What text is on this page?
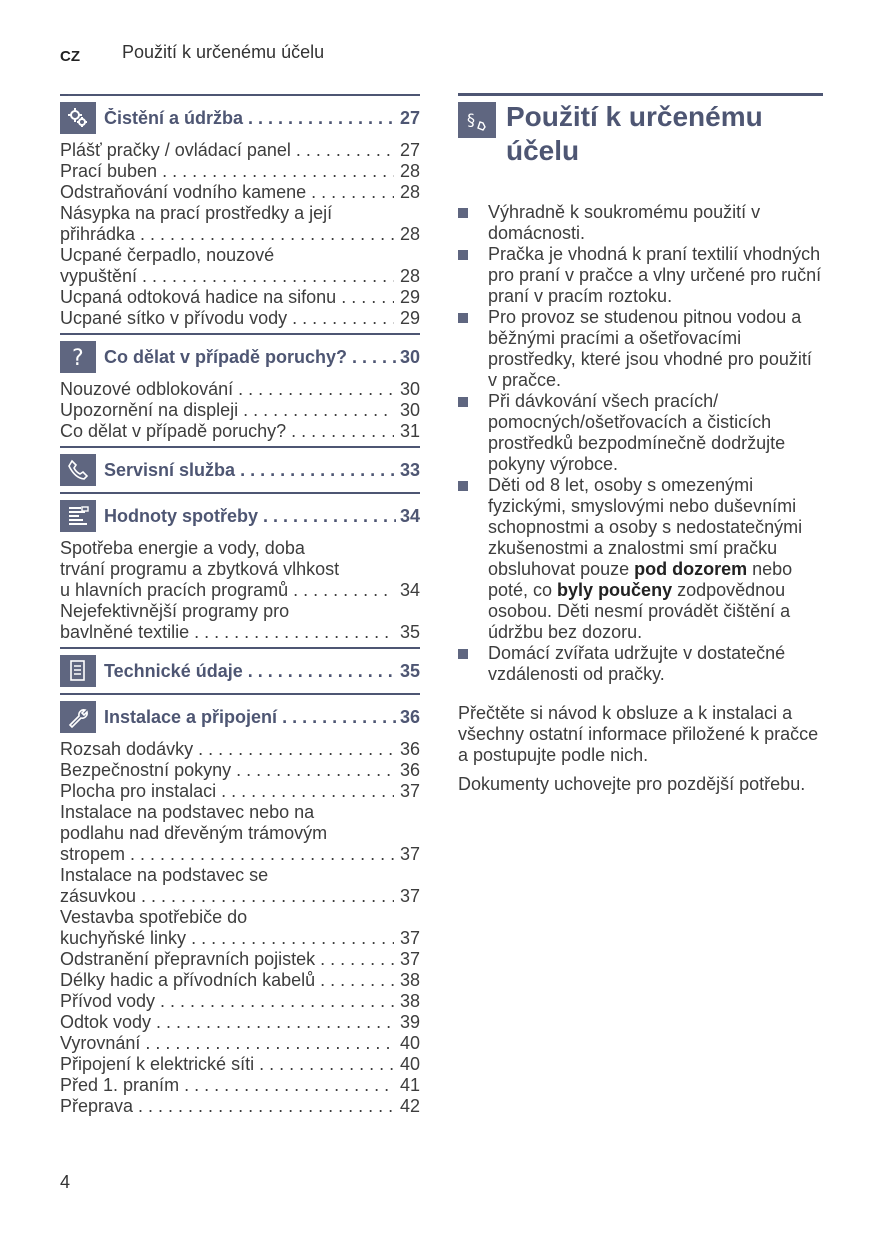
CZ Použití k určenému účelu
Čistění a údržba . . .	27
Plášť pračky / ovládací panel . . .	27
Prací buben . . .	28
Odstraňování vodního kamene . . .	28
Násypka na prací prostředky a její
přihrádka . . .	28
Ucpané čerpadlo, nouzové
vypuštění . . .	28
Ucpaná odtoková hadice na sifonu . . .	29
Ucpané sítko v přívodu vody . . .	29
? Co dělat v případě poruchy? . . .	30
Nouzové odblokování . . .	30
Upozornění na displeji . . .	30
Co dělat v případě poruchy? . . .	31
Servisní služba . . .	33
Hodnoty spotřeby . . .	34
Spotřeba energie a vody, doba
trvání programu a zbytková vlhkost
u hlavních pracích programů . . .	34
Nejefektivnější programy pro
bavlněné textilie . . .	35
Technické údaje . . .	35
Instalace a připojení . . .	36
Rozsah dodávky . . .	36
Bezpečnostní pokyny . . .	36
Plocha pro instalaci . . .	37
Instalace na podstavec nebo na
podlahu nad dřevěným trámovým
stropem . . .	37
Instalace na podstavec se
zásuvkou . . .	37
Vestavba spotřebiče do
kuchyňské linky . . .	37
Odstranění přepravních pojistek . . .	37
Délky hadic a přívodních kabelů . . .	38
Přívod vody . . .	38
Odtok vody . . .	39
Vyrovnání . . .	40
Připojení k elektrické síti . . .	40
Před 1. praním . . .	41
Přeprava . . .	42
§ Použití k určenému
účelu
Výhradně k soukromému použití v domácnosti.
Pračka je vhodná k praní textilií vhodných pro praní v pračce a vlny určené pro ruční praní v pracím roztoku.
Pro provoz se studenou pitnou vodou a běžnými pracími a ošetřovacími prostředky, které jsou vhodné pro použití v pračce.
Při dávkování všech pracích/ pomocných/ošetřovacích a čisticích prostředků bezpodmínečně dodržujte pokyny výrobce.
Děti od 8 let, osoby s omezenými fyzickými, smyslovými nebo duševními schopnostmi a osoby s nedostatečnými zkušenostmi a znalostmi smí pračku obsluhovat pouze pod dozorem nebo poté, co byly poučeny zodpovědnou osobou. Děti nesmí provádět čištění a údržbu bez dozoru.
Domácí zvířata udržujte v dostatečné vzdálenosti od pračky.

Přečtěte si návod k obsluze a k instalaci a všechny ostatní informace přiložené k pračce a postupujte podle nich.

Dokumenty uchovejte pro pozdější potřebu.

4
